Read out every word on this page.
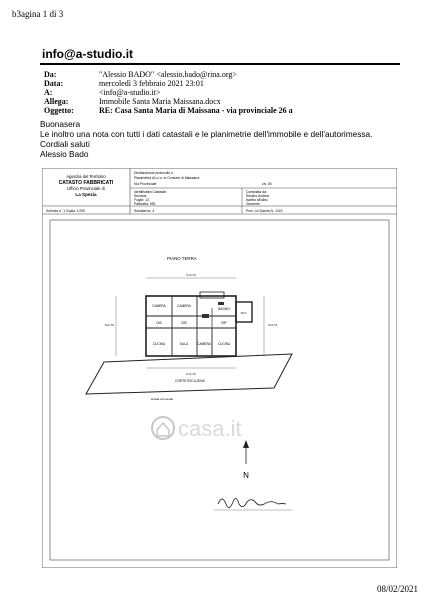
b3agina 1 di 3
info@a-studio.it
Da:	"Alessio BADO" <alessio.bado@rina.org>
Data:	mercoledì 3 febbraio 2021 23:01
A:	<info@a-studio.it>
Allega:	Immobile Santa Maria Maissana.docx
Oggetto:	RE: Casa Santa Maria di Maissana - via provinciale 26 a
Buonasera
Le inoltro una nota con tutti i dati catastali e le planimetrie dell'immobile e dell'autorimessa.
Cordiali saluti
Alessio Bado
Agenzia del Territorio
CATASTO FABBRICATI
Ufficio Provinciale di
La Spezia
Scheda n. 1 Scala 1:200
Dichiarazione protocollo n.
Planimetria di u.i.u. in Comune di Maissana
Via Provinciale	civ. 26
Identificativi Catastali:
Sezione:
Foglio: 13
Particella: 551
Subalterno: 4
Compilata da:
Silvano Andrea
Iscritto all'albo:
Geometri
Prov. La Spezia N. 1023
PIANO TERRA
CAMERA	CAMERA
BAGNO
DIS	DIS	RIP
CUCINA	SALA	CAMERA CUCINA
W.C.
h=2,70
h=2,70	h=2,70
h=2,70
CORTE ESCLUSIVA
strada comunale
casa.it
N
08/02/2021
